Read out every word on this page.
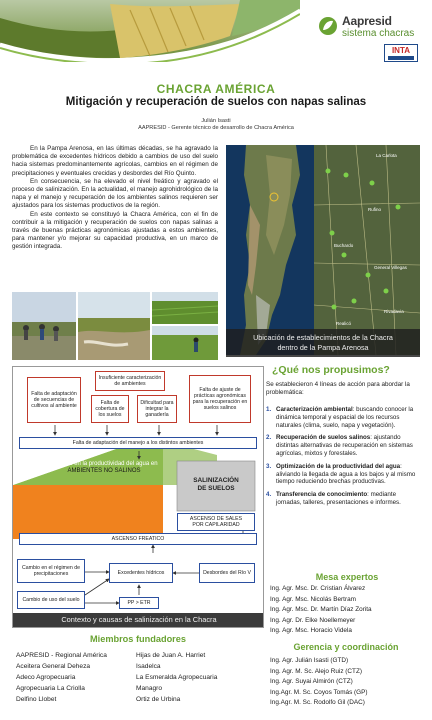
Aapresid
sistema chacras
INTA
CHACRA AMÉRICA
Mitigación y recuperación de suelos con napas salinas
Julián Isasti
AAPRESID - Gerente técnico de desarrollo de Chacra América

En la Pampa Arenosa, en las últimas décadas, se ha agravado la problemática de excedentes hídricos debido a cambios de uso del suelo hacia sistemas predominantemente agrícolas, cambios en el régimen de precipitaciones y eventuales crecidas y desbordes del Río Quinto.

En consecuencia, se ha elevado el nivel freático y agravado el proceso de salinización. En la actualidad, el manejo agrohidrológico de la napa y el manejo y recuperación de los ambientes salinos requieren ser ajustados para los sistemas productivos de la región.

En este contexto se constituyó la Chacra América, con el fin de contribuir a la mitigación y recuperación de suelos con napas salinas a través de buenas prácticas agronómicas ajustadas a estos ambientes, para mantener y/o mejorar su capacidad productiva, en un marco de gestión integrada.

La Carlota
Rufino
Buchardo
Realicó
General Villegas
Rivadavia
Ubicación de establecimientos de la Chacra
dentro de la Pampa Arenosa
Falta de adaptación de secuencias de cultivos al ambiente
Insuficiente caracterización de ambientes
Falta de cobertura de los suelos
Dificultad para integrar la ganadería
Falta de ajuste de prácticas agronómicas para la recuperación en suelos salinos
Falta de adaptación del manejo a los distintos ambientes
Brechas en la productividad del agua en
AMBIENTES NO SALINOS
SALINIZACIÓN
DE SUELOS
ASCENSO DE SALES
POR CAPILARIDAD
ASCENSO FREATICO
Cambio en el régimen de precipitaciones
Cambio de uso del suelo
Excedentes hídricos	Desbordes del Río V
PP > ETR
Contexto y causas de salinización en la Chacra
¿Qué nos propusimos?
Se establecieron 4 líneas de acción para abordar la problemática:
1. Caracterización ambiental: buscando conocer la dinámica temporal y espacial de los recursos naturales (clima, suelo, napa y vegetación).
2. Recuperación de suelos salinos: ajustando distintas alternativas de recuperación en sistemas agrícolas, mixtos y forestales.
3. Optimización de la productividad del agua: aliviando la llegada de agua a los bajos y al mismo tiempo reduciendo brechas productivas.
4. Transferencia de conocimiento: mediante jornadas, talleres, presentaciones e informes.
Mesa expertos
Ing. Agr. Msc. Dr. Cristian Álvarez
Ing. Agr. Msc. Nicolás Bertram
Ing. Agr. Msc. Dr. Martín Díaz Zorita
Ing. Agr. Dr. Elke Noellemeyer
Ing. Agr. Msc. Horacio Videla
Gerencia y coordinación
Ing. Agr. Julián Isasti (GTD)
Ing. Agr. M. Sc. Alejo Ruiz (CTZ)
Ing. Agr. Suyai Almirón (CTZ)
Ing.Agr. M. Sc. Coyos Tomás (GP)
Ing.Agr. M. Sc. Rodolfo Gil (DAC)
Miembros fundadores
AAPRESID - Regional América
Aceitera General Deheza
Adeco Agropecuaria
Agropecuaria La Criolla
Delfino Llobet
Hijas de Juan A. Harriet
Isadelca
La Esmeralda Agropecuaria
Managro
Ortiz de Urbina
